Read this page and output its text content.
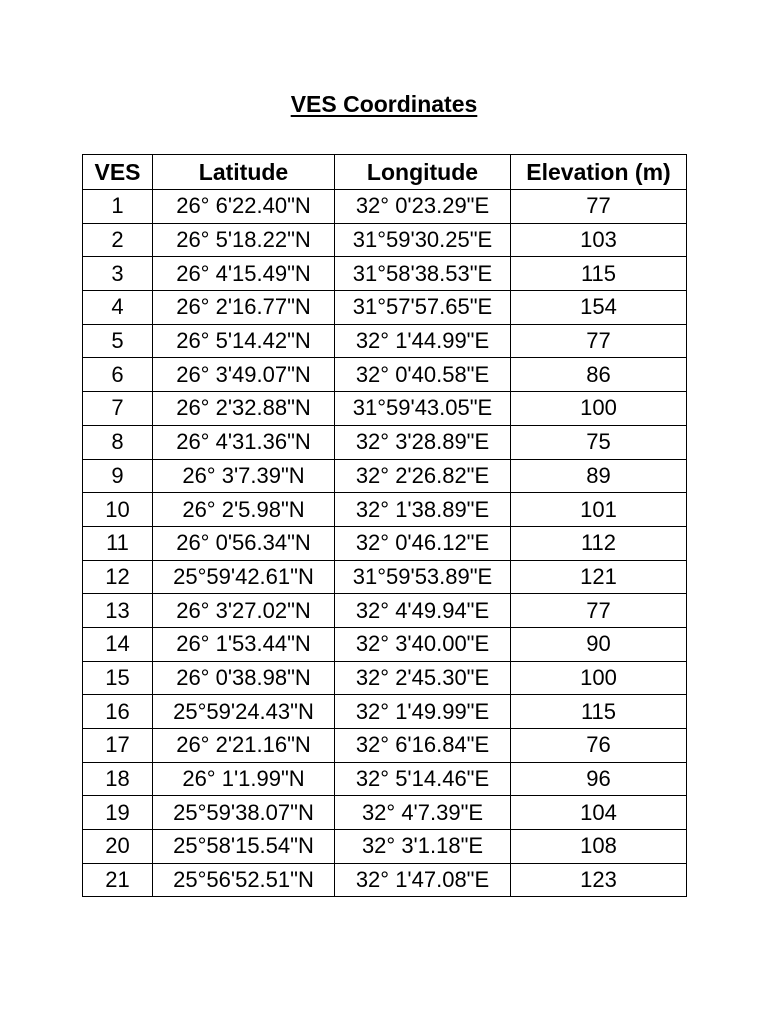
VES Coordinates
VES	Latitude	Longitude	Elevation (m)
1	26° 6'22.40"N	32° 0'23.29"E	77
2	26° 5'18.22"N	31°59'30.25"E	103
3	26° 4'15.49"N	31°58'38.53"E	115
4	26° 2'16.77"N	31°57'57.65"E	154
5	26° 5'14.42"N	32° 1'44.99"E	77
6	26° 3'49.07"N	32° 0'40.58"E	86
7	26° 2'32.88"N	31°59'43.05"E	100
8	26° 4'31.36"N	32° 3'28.89"E	75
9	26° 3'7.39"N	32° 2'26.82"E	89
10	26° 2'5.98"N	32° 1'38.89"E	101
11	26° 0'56.34"N	32° 0'46.12"E	112
12	25°59'42.61"N	31°59'53.89"E	121
13	26° 3'27.02"N	32° 4'49.94"E	77
14	26° 1'53.44"N	32° 3'40.00"E	90
15	26° 0'38.98"N	32° 2'45.30"E	100
16	25°59'24.43"N	32° 1'49.99"E	115
17	26° 2'21.16"N	32° 6'16.84"E	76
18	26° 1'1.99"N	32° 5'14.46"E	96
19	25°59'38.07"N	32° 4'7.39"E	104
20	25°58'15.54"N	32° 3'1.18"E	108
21	25°56'52.51"N	32° 1'47.08"E	123
